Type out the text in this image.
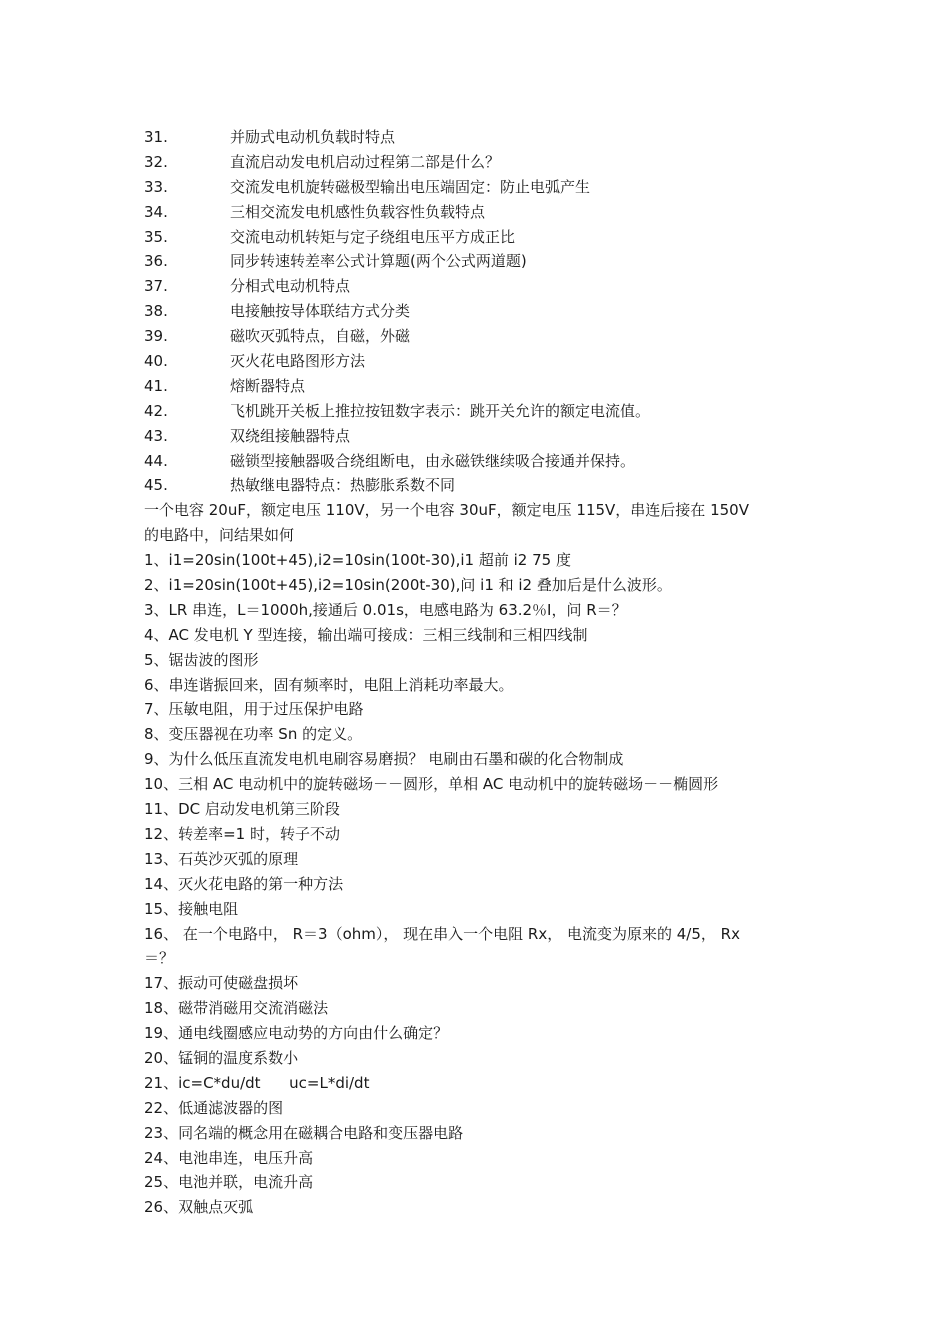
31.	并励式电动机负载时特点
32.	直流启动发电机启动过程第二部是什么？
33.	交流发电机旋转磁极型输出电压端固定：防止电弧产生
34.	三相交流发电机感性负载容性负载特点
35.	交流电动机转矩与定子绕组电压平方成正比
36.	同步转速转差率公式计算题(两个公式两道题)
37.	分相式电动机特点
38.	电接触按导体联结方式分类
39.	磁吹灭弧特点，自磁，外磁
40.	灭火花电路图形方法
41.	熔断器特点
42.	飞机跳开关板上推拉按钮数字表示：跳开关允许的额定电流值。
43.	双绕组接触器特点
44.	磁锁型接触器吸合绕组断电，由永磁铁继续吸合接通并保持。
45.	热敏继电器特点：热膨胀系数不同
一个电容 20uF，额定电压 110V，另一个电容 30uF，额定电压 115V，串连后接在 150V
的电路中，问结果如何
1、i1=20sin(100t+45),i2=10sin(100t-30),i1 超前 i2 75 度
2、i1=20sin(100t+45),i2=10sin(200t-30),问 i1 和 i2 叠加后是什么波形。
3、LR 串连，L＝1000h,接通后 0.01s，电感电路为 63.2％I，问 R＝？
4、AC 发电机 Y 型连接，输出端可接成：三相三线制和三相四线制
5、锯齿波的图形
6、串连谐振回来，固有频率时，电阻上消耗功率最大。
7、压敏电阻，用于过压保护电路
8、变压器视在功率 Sn 的定义。
9、为什么低压直流发电机电刷容易磨损？ 电刷由石墨和碳的化合物制成
10、三相 AC 电动机中的旋转磁场－－圆形，单相 AC 电动机中的旋转磁场－－椭圆形
11、DC 启动发电机第三阶段
12、转差率=1 时，转子不动
13、石英沙灭弧的原理
14、灭火花电路的第一种方法
15、接触电阻
16、 在一个电路中， R＝3（ohm）， 现在串入一个电阻 Rx， 电流变为原来的 4/5， Rx
＝？
17、振动可使磁盘损坏
18、磁带消磁用交流消磁法
19、通电线圈感应电动势的方向由什么确定？
20、锰铜的温度系数小
21、ic=C*du/dt      uc=L*di/dt
22、低通滤波器的图
23、同名端的概念用在磁耦合电路和变压器电路
24、电池串连，电压升高
25、电池并联，电流升高
26、双触点灭弧
